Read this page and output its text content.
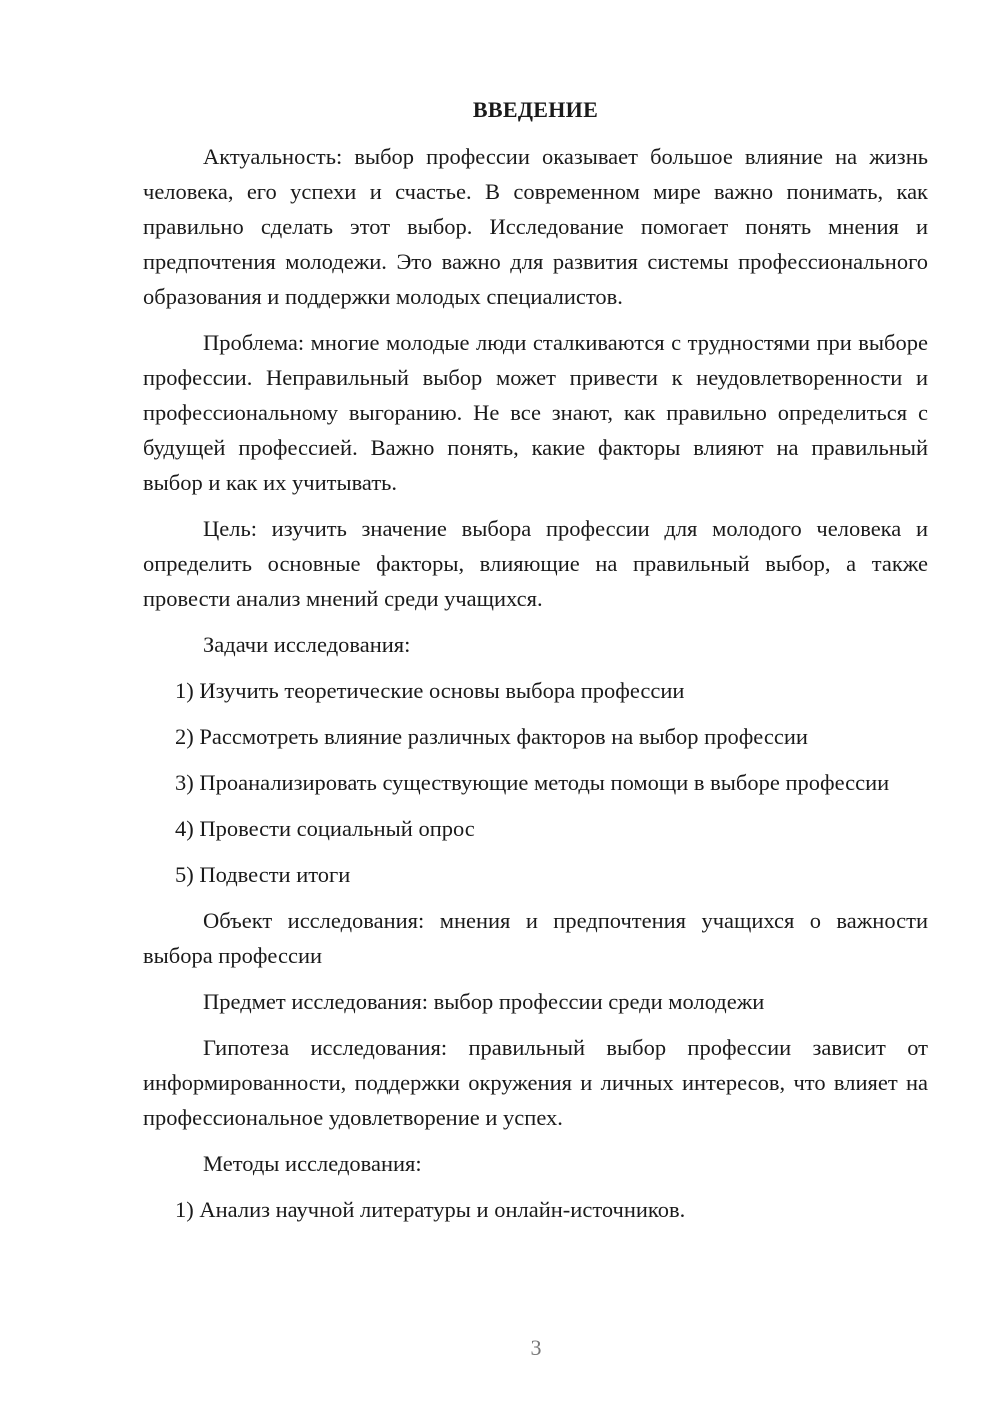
ВВЕДЕНИЕ

Актуальность: выбор профессии оказывает большое влияние на жизнь человека, его успехи и счастье. В современном мире важно понимать, как правильно сделать этот выбор. Исследование помогает понять мнения и предпочтения молодежи. Это важно для развития системы профессионального образования и поддержки молодых специалистов.

Проблема: многие молодые люди сталкиваются с трудностями при выборе профессии. Неправильный выбор может привести к неудовлетворенности и профессиональному выгоранию. Не все знают, как правильно определиться с будущей профессией. Важно понять, какие факторы влияют на правильный выбор и как их учитывать.

Цель: изучить значение выбора профессии для молодого человека и определить основные факторы, влияющие на правильный выбор, а также провести анализ мнений среди учащихся.

Задачи исследования:

1) Изучить теоретические основы выбора профессии

2) Рассмотреть влияние различных факторов на выбор профессии

3) Проанализировать существующие методы помощи в выборе профессии

4) Провести социальный опрос

5) Подвести итоги

Объект исследования: мнения и предпочтения учащихся о важности выбора профессии

Предмет исследования: выбор профессии среди молодежи

Гипотеза исследования: правильный выбор профессии зависит от информированности, поддержки окружения и личных интересов, что влияет на профессиональное удовлетворение и успех.

Методы исследования:

1) Анализ научной литературы и онлайн-источников.

3
